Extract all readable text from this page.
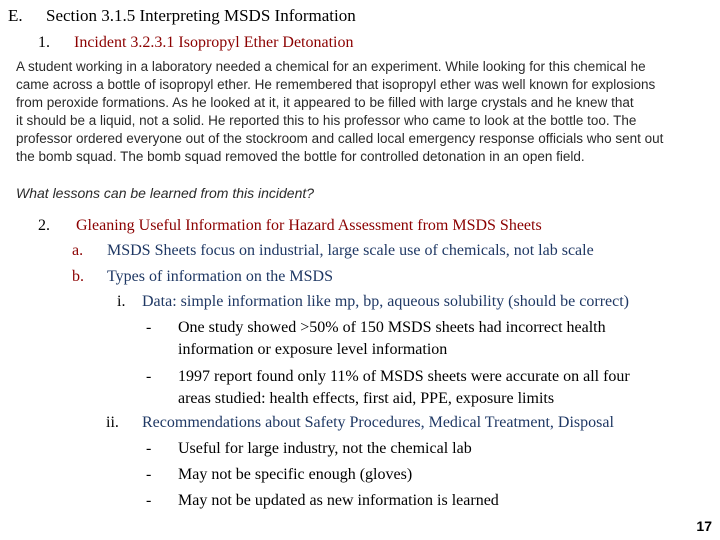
E. Section 3.1.5 Interpreting MSDS Information
1. Incident 3.2.3.1 Isopropyl Ether Detonation
A student working in a laboratory needed a chemical for an experiment. While looking for this chemical he
came across a bottle of isopropyl ether. He remembered that isopropyl ether was well known for explosions
from peroxide formations. As he looked at it, it appeared to be filled with large crystals and he knew that
it should be a liquid, not a solid. He reported this to his professor who came to look at the bottle too. The
professor ordered everyone out of the stockroom and called local emergency response officials who sent out
the bomb squad. The bomb squad removed the bottle for controlled detonation in an open field.
What lessons can be learned from this incident?
2. Gleaning Useful Information for Hazard Assessment from MSDS Sheets
a. MSDS Sheets focus on industrial, large scale use of chemicals, not lab scale
b. Types of information on the MSDS
i. Data: simple information like mp, bp, aqueous solubility (should be correct)
- One study showed >50% of 150 MSDS sheets had incorrect health
information or exposure level information
- 1997 report found only 11% of MSDS sheets were accurate on all four
areas studied: health effects, first aid, PPE, exposure limits
ii. Recommendations about Safety Procedures, Medical Treatment, Disposal
- Useful for large industry, not the chemical lab
- May not be specific enough (gloves)
- May not be updated as new information is learned
17
